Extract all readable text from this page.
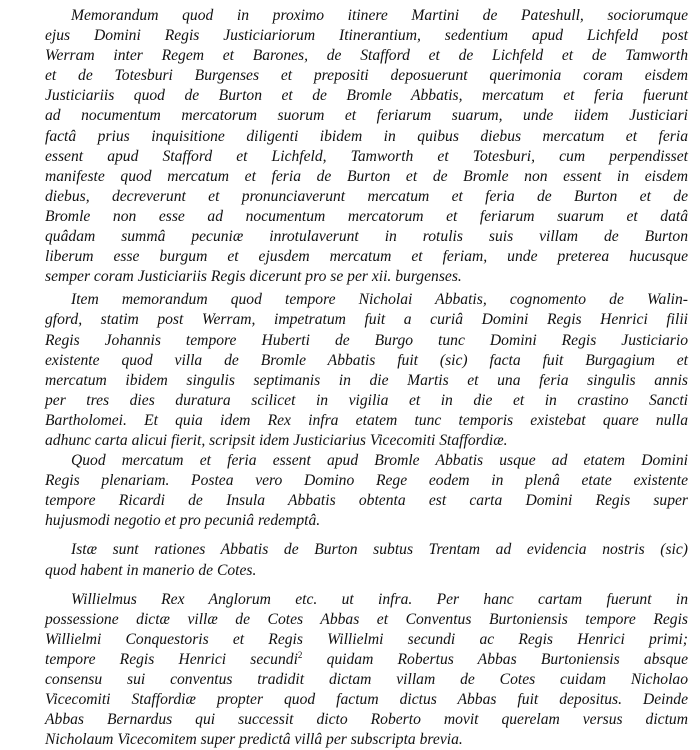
Memorandum quod in proximo itinere Martini de Pateshull, sociorumque
ejus Domini Regis Justiciariorum Itinerantium, sedentium apud Lichfeld post
Werram inter Regem et Barones, de Stafford et de Lichfeld et de Tamworth
et de Totesburi Burgenses et prepositi deposuerunt querimonia coram eisdem
Justiciariis quod de Burton et de Bromle Abbatis, mercatum et feria fuerunt
ad nocumentum mercatorum suorum et feriarum suarum, unde iidem Justiciari
factâ prius inquisitione diligenti ibidem in quibus diebus mercatum et feria
essent apud Stafford et Lichfeld, Tamworth et Totesburi, cum perpendisset
manifeste quod mercatum et feria de Burton et de Bromle non essent in eisdem
diebus, decreverunt et pronunciaverunt mercatum et feria de Burton et de
Bromle non esse ad nocumentum mercatorum et feriarum suarum et datâ
quâdam summâ pecuniæ inrotulaverunt in rotulis suis villam de Burton
liberum esse burgum et ejusdem mercatum et feriam, unde preterea hucusque
semper coram Justiciariis Regis dicerunt pro se per xii. burgenses.
Item memorandum quod tempore Nicholai Abbatis, cognomento de Walin-
gford, statim post Werram, impetratum fuit a curiâ Domini Regis Henrici filii
Regis Johannis tempore Huberti de Burgo tunc Domini Regis Justiciario
existente quod villa de Bromle Abbatis fuit (sic) facta fuit Burgagium et
mercatum ibidem singulis septimanis in die Martis et una feria singulis annis
per tres dies duratura scilicet in vigilia et in die et in crastino Sancti
Bartholomei. Et quia idem Rex infra etatem tunc temporis existebat quare nulla
adhunc carta alicui fierit, scripsit idem Justiciarius Vicecomiti Staffordiæ.
Quod mercatum et feria essent apud Bromle Abbatis usque ad etatem Domini
Regis plenariam. Postea vero Domino Rege eodem in plenâ etate existente
tempore Ricardi de Insula Abbatis obtenta est carta Domini Regis super
hujusmodi negotio et pro pecuniâ redemptâ.
Istæ sunt rationes Abbatis de Burton subtus Trentam ad evidencia nostris (sic)
quod habent in manerio de Cotes.
Willielmus Rex Anglorum etc. ut infra. Per hanc cartam fuerunt in
possessione dictæ villæ de Cotes Abbas et Conventus Burtoniensis tempore Regis
Willielmi Conquestoris et Regis Willielmi secundi ac Regis Henrici primi;
tempore Regis Henrici secundi$^2$ quidam Robertus Abbas Burtoniensis absque
consensu sui conventus tradidit dictam villam de Cotes cuidam Nicholao
Vicecomiti Staffordiæ propter quod factum dictus Abbas fuit depositus. Deinde
Abbas Bernardus qui successit dicto Roberto movit querelam versus dictum
Nicholaum Vicecomitem super predictâ villâ per subscripta brevia.
